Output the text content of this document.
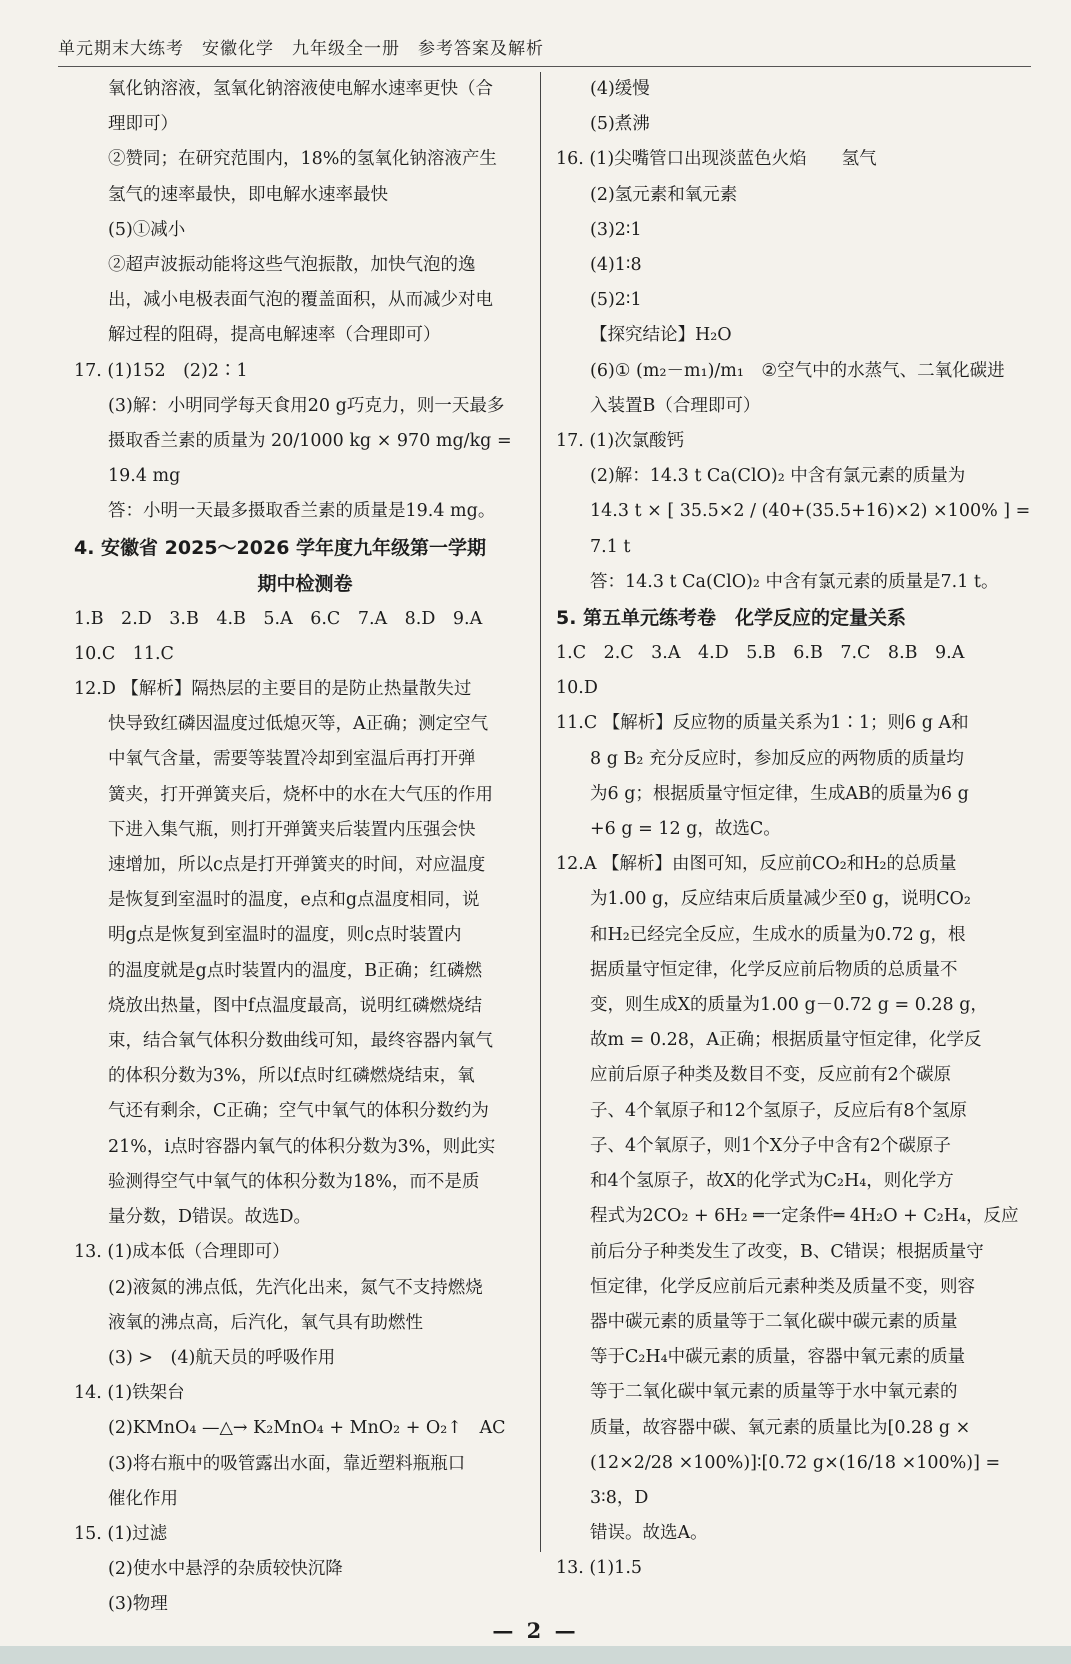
单元期末大练考　安徽化学　九年级全一册　参考答案及解析

氧化钠溶液，氢氧化钠溶液使电解水速率更快（合

理即可）

②赞同；在研究范围内，18%的氢氧化钠溶液产生

氢气的速率最快，即电解水速率最快

(5)①减小

②超声波振动能将这些气泡振散，加快气泡的逸

出，减小电极表面气泡的覆盖面积，从而减少对电

解过程的阻碍，提高电解速率（合理即可）

17. (1)152　(2)2∶1

(3)解：小明同学每天食用20 g巧克力，则一天最多

摄取香兰素的质量为 20/1000 kg × 970 mg/kg = 19.4 mg

答：小明一天最多摄取香兰素的质量是19.4 mg。

4. 安徽省 2025～2026 学年度九年级第一学期

期中检测卷

1.B　2.D　3.B　4.B　5.A　6.C　7.A　8.D　9.A

10.C　11.C

12.D 【解析】隔热层的主要目的是防止热量散失过

快导致红磷因温度过低熄灭等，A正确；测定空气

中氧气含量，需要等装置冷却到室温后再打开弹

簧夹，打开弹簧夹后，烧杯中的水在大气压的作用

下进入集气瓶，则打开弹簧夹后装置内压强会快

速增加，所以c点是打开弹簧夹的时间，对应温度

是恢复到室温时的温度，e点和g点温度相同，说

明g点是恢复到室温时的温度，则c点时装置内

的温度就是g点时装置内的温度，B正确；红磷燃

烧放出热量，图中f点温度最高，说明红磷燃烧结

束，结合氧气体积分数曲线可知，最终容器内氧气

的体积分数为3%，所以f点时红磷燃烧结束，氧

气还有剩余，C正确；空气中氧气的体积分数约为

21%，i点时容器内氧气的体积分数为3%，则此实

验测得空气中氧气的体积分数为18%，而不是质

量分数，D错误。故选D。

13. (1)成本低（合理即可）

(2)液氮的沸点低，先汽化出来，氮气不支持燃烧

液氧的沸点高，后汽化，氧气具有助燃性

(3) >　(4)航天员的呼吸作用

14. (1)铁架台

(2)KMnO₄ —△→ K₂MnO₄ + MnO₂ + O₂↑　AC

(3)将右瓶中的吸管露出水面，靠近塑料瓶瓶口

催化作用

15. (1)过滤

(2)使水中悬浮的杂质较快沉降

(3)物理

(4)缓慢

(5)煮沸

16. (1)尖嘴管口出现淡蓝色火焰　　氢气

(2)氢元素和氧元素

(3)2∶1

(4)1∶8

(5)2∶1

【探究结论】H₂O

(6)① (m₂－m₁)/m₁　②空气中的水蒸气、二氧化碳进

入装置B（合理即可）

17. (1)次氯酸钙

(2)解：14.3 t Ca(ClO)₂ 中含有氯元素的质量为

14.3 t × [ 35.5×2 / (40+(35.5+16)×2) ×100% ] = 7.1 t

答：14.3 t Ca(ClO)₂ 中含有氯元素的质量是7.1 t。

5. 第五单元练考卷　化学反应的定量关系

1.C　2.C　3.A　4.D　5.B　6.B　7.C　8.B　9.A

10.D

11.C 【解析】反应物的质量关系为1∶1；则6 g A和

8 g B₂ 充分反应时，参加反应的两物质的质量均

为6 g；根据质量守恒定律，生成AB的质量为6 g

+6 g = 12 g，故选C。

12.A 【解析】由图可知，反应前CO₂和H₂的总质量

为1.00 g，反应结束后质量减少至0 g，说明CO₂

和H₂已经完全反应，生成水的质量为0.72 g，根

据质量守恒定律，化学反应前后物质的总质量不

变，则生成X的质量为1.00 g－0.72 g = 0.28 g，

故m = 0.28，A正确；根据质量守恒定律，化学反

应前后原子种类及数目不变，反应前有2个碳原

子、4个氧原子和12个氢原子，反应后有8个氢原

子、4个氧原子，则1个X分子中含有2个碳原子

和4个氢原子，故X的化学式为C₂H₄，则化学方

程式为2CO₂ + 6H₂ ═一定条件═ 4H₂O + C₂H₄，反应

前后分子种类发生了改变，B、C错误；根据质量守

恒定律，化学反应前后元素种类及质量不变，则容

器中碳元素的质量等于二氧化碳中碳元素的质量

等于C₂H₄中碳元素的质量，容器中氧元素的质量

等于二氧化碳中氧元素的质量等于水中氧元素的

质量，故容器中碳、氧元素的质量比为[0.28 g ×

(12×2/28 ×100%)]∶[0.72 g×(16/18 ×100%)] = 3∶8，D

错误。故选A。

13. (1)1.5

— 2 —
